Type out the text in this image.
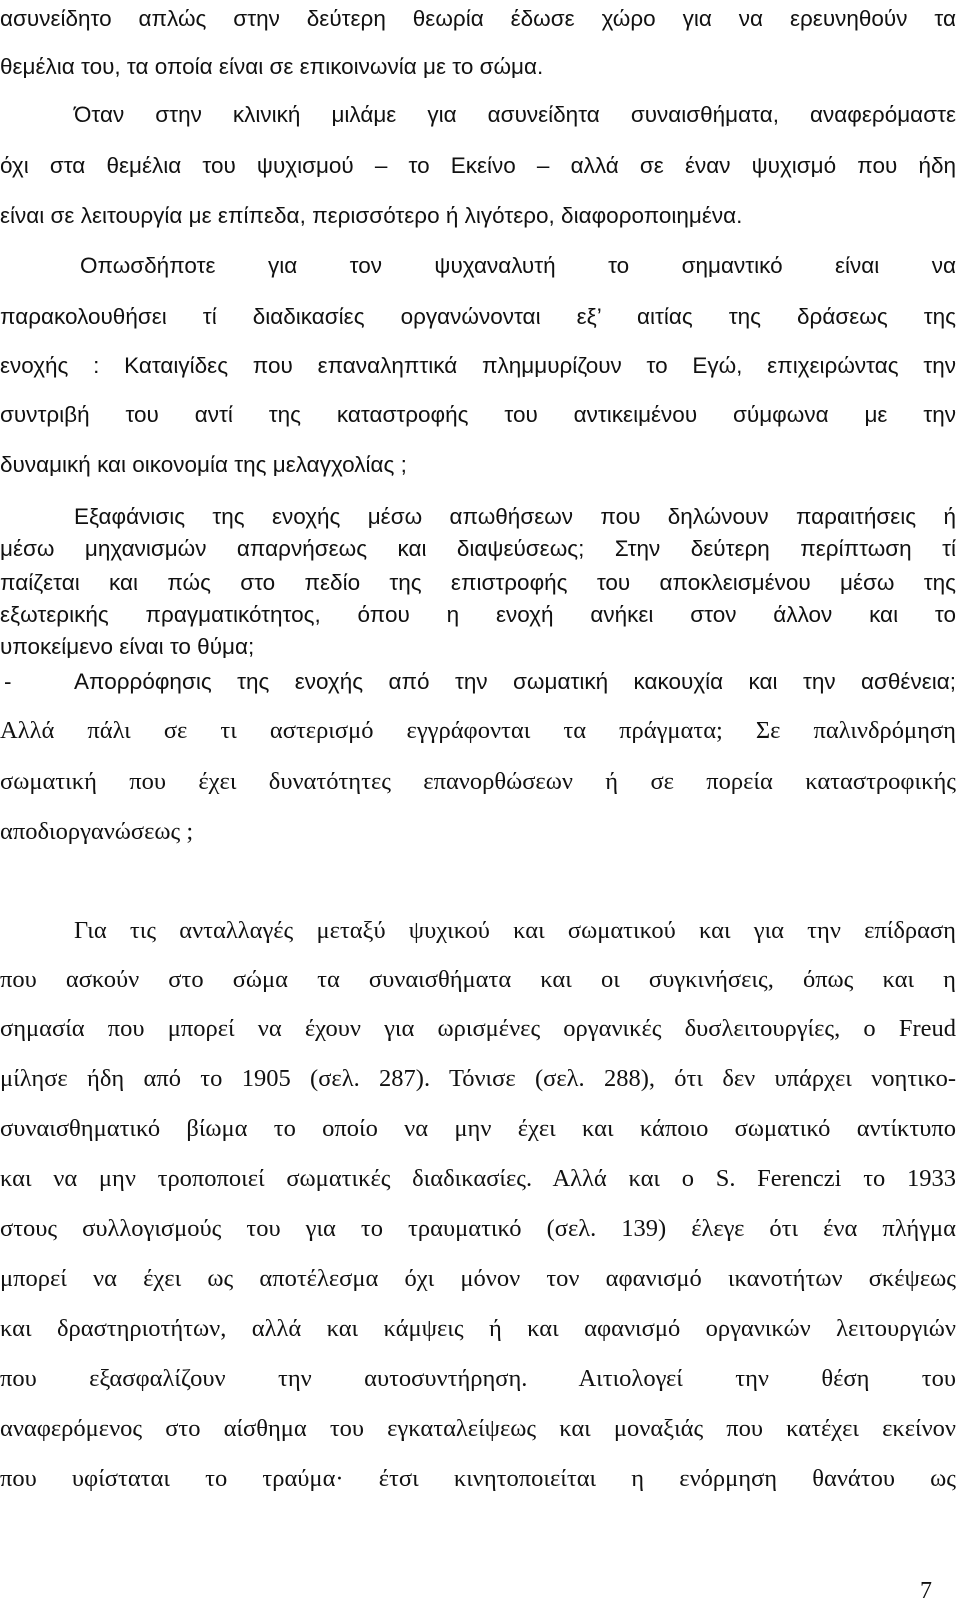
ασυνείδητο απλώς στην δεύτερη θεωρία έδωσε χώρο για να ερευνηθούν τα
θεμέλια του, τα οποία είναι σε επικοινωνία με το σώμα.
Όταν στην κλινική μιλάμε για ασυνείδητα συναισθήματα, αναφερόμαστε
όχι στα θεμέλια του ψυχισμού – το Εκείνο – αλλά σε έναν ψυχισμό που ήδη
είναι σε λειτουργία με επίπεδα, περισσότερο ή λιγότερο, διαφοροποιημένα.
Οπωσδήποτε για τον ψυχαναλυτή το σημαντικό είναι να
παρακολουθήσει τί διαδικασίες οργανώνονται εξ’ αιτίας της δράσεως της
ενοχής : Καταιγίδες που επαναληπτικά πλημμυρίζουν το Εγώ, επιχειρώντας την
συντριβή του αντί της καταστροφής του αντικειμένου σύμφωνα με την
δυναμική και οικονομία της μελαγχολίας ;
Εξαφάνισις της ενοχής μέσω απωθήσεων που δηλώνουν παραιτήσεις ή
μέσω μηχανισμών απαρνήσεως και διαψεύσεως; Στην δεύτερη περίπτωση τί
παίζεται και πώς στο πεδίο της επιστροφής του αποκλεισμένου μέσω της
εξωτερικής πραγματικότητος, όπου η ενοχή ανήκει στον άλλον και το
υποκείμενο είναι το θύμα;
-	Απορρόφησις της ενοχής από την σωματική κακουχία και την ασθένεια;
Αλλά πάλι σε τι αστερισμό εγγράφονται τα πράγματα; Σε παλινδρόμηση
σωματική που έχει δυνατότητες επανορθώσεων ή σε πορεία καταστροφικής
αποδιοργανώσεως ;
Για τις ανταλλαγές μεταξύ ψυχικού και σωματικού και για την επίδραση
που ασκούν στο σώμα τα συναισθήματα και οι συγκινήσεις, όπως και η
σημασία που μπορεί να έχουν για ωρισμένες οργανικές δυσλειτουργίες, ο Freud
μίλησε ήδη από το 1905 (σελ. 287). Τόνισε (σελ. 288), ότι δεν υπάρχει νοητικο-
συναισθηματικό βίωμα το οποίο να μην έχει και κάποιο σωματικό αντίκτυπο
και να μην τροποποιεί σωματικές διαδικασίες. Αλλά και ο S. Ferenczi το 1933
στους συλλογισμούς του για το τραυματικό (σελ. 139) έλεγε ότι ένα πλήγμα
μπορεί να έχει ως αποτέλεσμα όχι μόνον τον αφανισμό ικανοτήτων σκέψεως
και δραστηριοτήτων, αλλά και κάμψεις ή και αφανισμό οργανικών λειτουργιών
που εξασφαλίζουν την αυτοσυντήρηση. Αιτιολογεί την θέση του
αναφερόμενος στο αίσθημα του εγκαταλείψεως και μοναξιάς που κατέχει εκείνον
που υφίσταται το τραύμα· έτσι κινητοποιείται η ενόρμηση θανάτου ως
7
